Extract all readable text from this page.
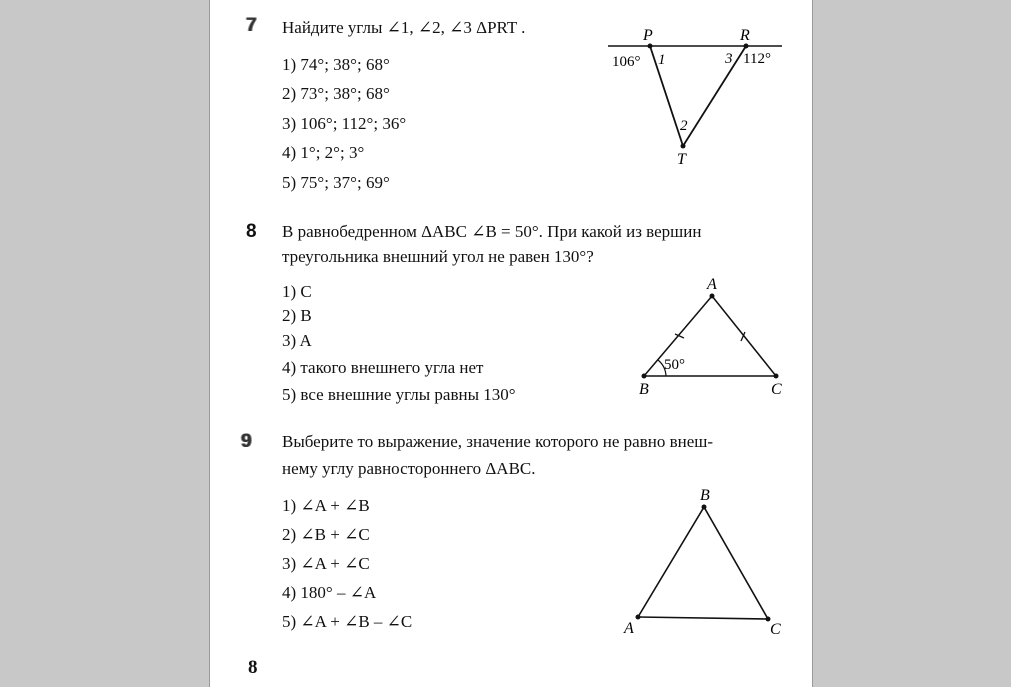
7 Найдите углы ∠1, ∠2, ∠3 ΔPRT .
1) 74°; 38°; 68°
2) 73°; 38°; 68°
3) 106°; 112°; 36°
4) 1°; 2°; 3°
5) 75°; 37°; 69°
P	R
T
1
2
3
106°	112°
8 В равнобедренном ΔABC ∠B = 50°. При какой из вершин
треугольника внешний угол не равен 130°?
1) C
2) B
3) A
4) такого внешнего угла нет
5) все внешние углы равны 130°
A
B	C
50°
9 Выберите то выражение, значение которого не равно внеш-
нему углу равностороннего ΔABC.
1) ∠A + ∠B
2) ∠B + ∠C
3) ∠A + ∠C
4) 180° – ∠A
5) ∠A + ∠B – ∠C
B
A	C
8
